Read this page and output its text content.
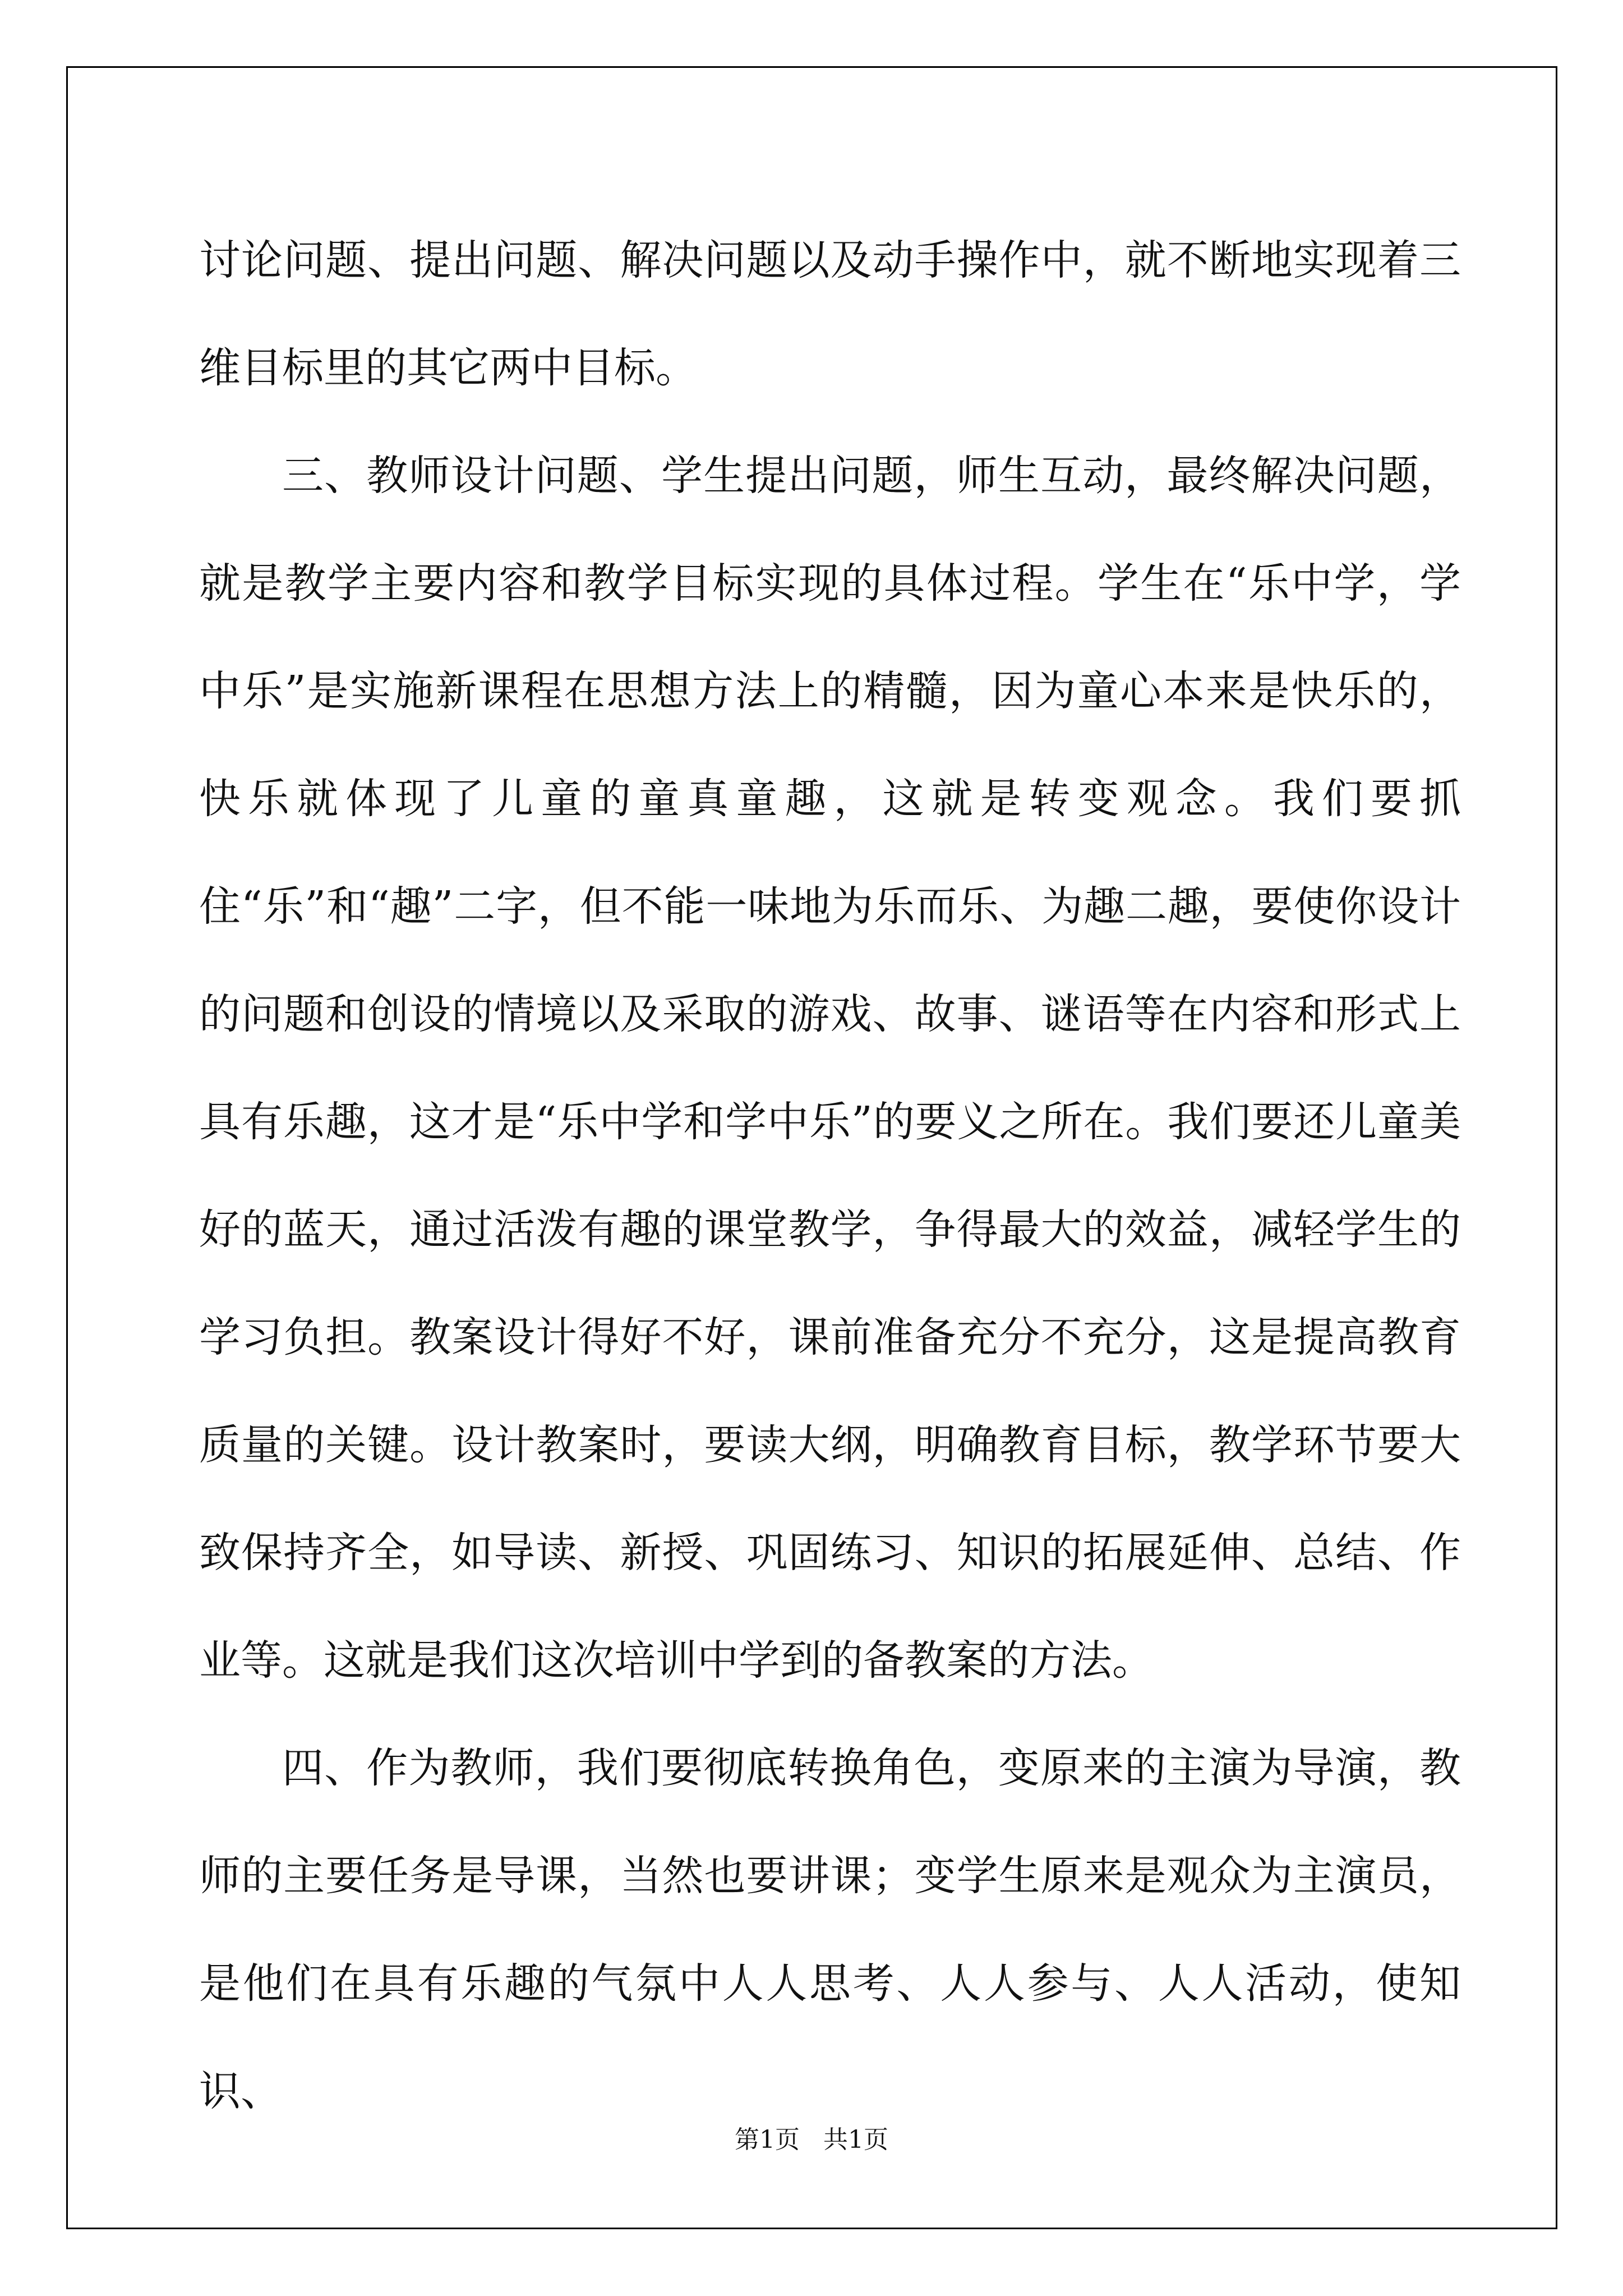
讨论问题、提出问题、解决问题以及动手操作中，就不断地实现着三维目标里的其它两中目标。

三、教师设计问题、学生提出问题，师生互动，最终解决问题，就是教学主要内容和教学目标实现的具体过程。学生在“乐中学，学中乐”是实施新课程在思想方法上的精髓，因为童心本来是快乐的，快乐就体现了儿童的童真童趣，这就是转变观念。我们要抓住“乐”和“趣”二字，但不能一味地为乐而乐、为趣二趣，要使你设计的问题和创设的情境以及采取的游戏、故事、谜语等在内容和形式上具有乐趣，这才是“乐中学和学中乐”的要义之所在。我们要还儿童美好的蓝天，通过活泼有趣的课堂教学，争得最大的效益，减轻学生的学习负担。教案设计得好不好，课前准备充分不充分，这是提高教育质量的关键。设计教案时，要读大纲，明确教育目标，教学环节要大致保持齐全，如导读、新授、巩固练习、知识的拓展延伸、总结、作业等。这就是我们这次培训中学到的备教案的方法。

四、作为教师，我们要彻底转换角色，变原来的主演为导演，教师的主要任务是导课，当然也要讲课；变学生原来是观众为主演员，是他们在具有乐趣的气氛中人人思考、人人参与、人人活动，使知识、

第1页   共1页
